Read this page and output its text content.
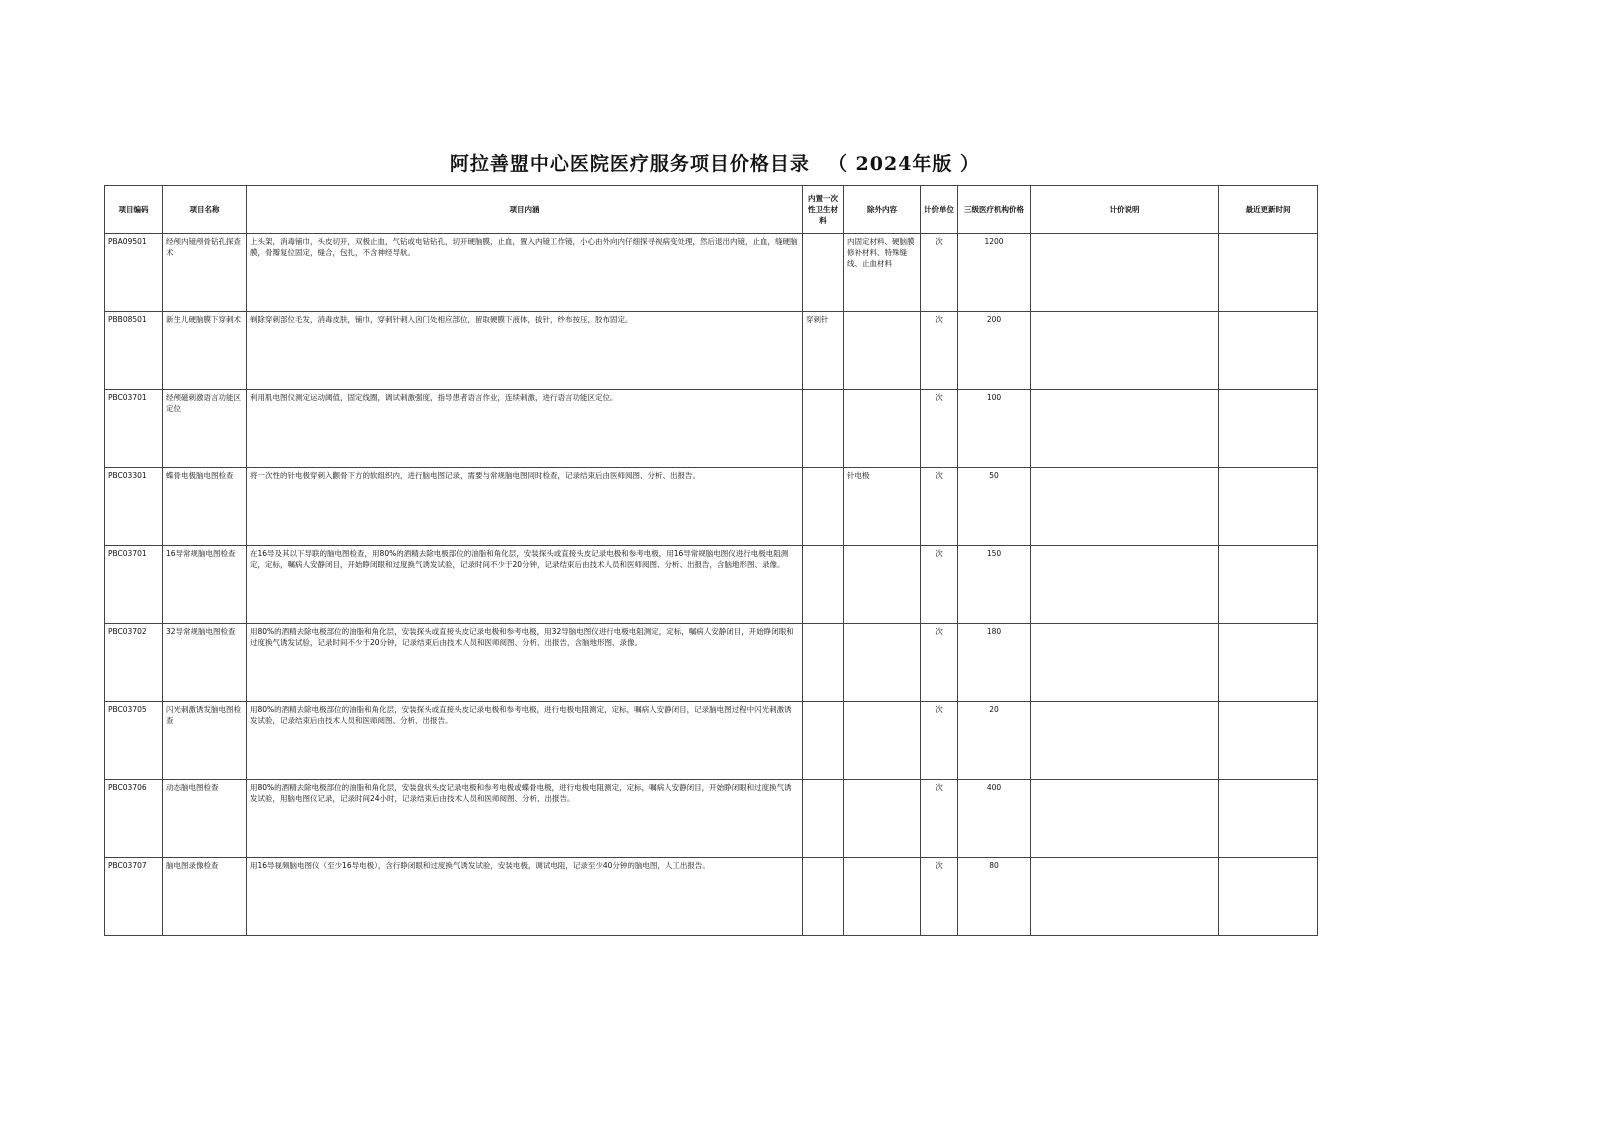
阿拉善盟中心医院医疗服务项目价格目录 （ 2024年版 ）
项目编码	项目名称	项目内涵	内置一次性卫生材料	除外内容	计价单位	三级医疗机构价格	计价说明	最近更新时间
PBA09501	经颅内镜颅骨钻孔探查术	上头架，消毒铺巾，头皮切开，双极止血，气钻或电钻钻孔，切开硬脑膜，止血，置入内镜工作镜，小心由外向内仔细探寻视病变处理，然后退出内镜，止血，缝硬脑膜，骨瓣复位固定，缝合，包扎，不含神经导航。		内固定材料、硬脑膜修补材料、特殊缝线、止血材料	次	1200		
PBB08501	新生儿硬脑膜下穿刺术	剃除穿刺部位毛发，消毒皮肤，铺巾，穿刺针刺入囟门处相应部位，留取硬膜下液体，拔针，纱布按压，胶布固定。	穿刺针		次	200		
PBC03701	经颅磁刺激语言功能区定位	利用肌电图仪测定运动阈值，固定线圈，调试刺激强度，指导患者语言作业，连续刺激，进行语言功能区定位。			次	100		
PBC03301	蝶骨电极脑电图检查	将一次性的针电极穿刺入颧骨下方的软组织内，进行脑电图记录，需要与常规脑电图同时检查，记录结束后由医师阅图、分析、出报告。		针电极	次	50		
PBC03701	16导常规脑电图检查	在16导及其以下导联的脑电图检查，用80%的酒精去除电极部位的油脂和角化层，安装探头或直接头皮记录电极和参考电极，用16导常规脑电图仪进行电极电阻测定，定标，嘱病人安静闭目，开始睁闭眼和过度换气诱发试验，记录时间不少于20分钟，记录结束后由技术人员和医师阅图、分析、出报告，含脑地形图、录像。			次	150		
PBC03702	32导常规脑电图检查	用80%的酒精去除电极部位的油脂和角化层，安装探头或直接头皮记录电极和参考电极，用32导脑电图仪进行电极电阻测定，定标，嘱病人安静闭目，开始睁闭眼和过度换气诱发试验，记录时间不少于20分钟，记录结束后由技术人员和医师阅图、分析、出报告，含脑地形图、录像。			次	180		
PBC03705	闪光刺激诱发脑电图检查	用80%的酒精去除电极部位的油脂和角化层，安装探头或直接头皮记录电极和参考电极，进行电极电阻测定，定标，嘱病人安静闭目，记录脑电图过程中闪光刺激诱发试验，记录结束后由技术人员和医师阅图、分析、出报告。			次	20		
PBC03706	动态脑电图检查	用80%的酒精去除电极部位的油脂和角化层，安装盘状头皮记录电极和参考电极或蝶骨电极，进行电极电阻测定，定标，嘱病人安静闭目，开始睁闭眼和过度换气诱发试验，用脑电图仪记录，记录时间24小时，记录结束后由技术人员和医师阅图、分析、出报告。			次	400		
PBC03707	脑电图录像检查	用16导视频脑电图仪（至少16导电极），含行睁闭眼和过度换气诱发试验，安装电极，调试电阻，记录至少40分钟的脑电图，人工出报告。			次	80		
